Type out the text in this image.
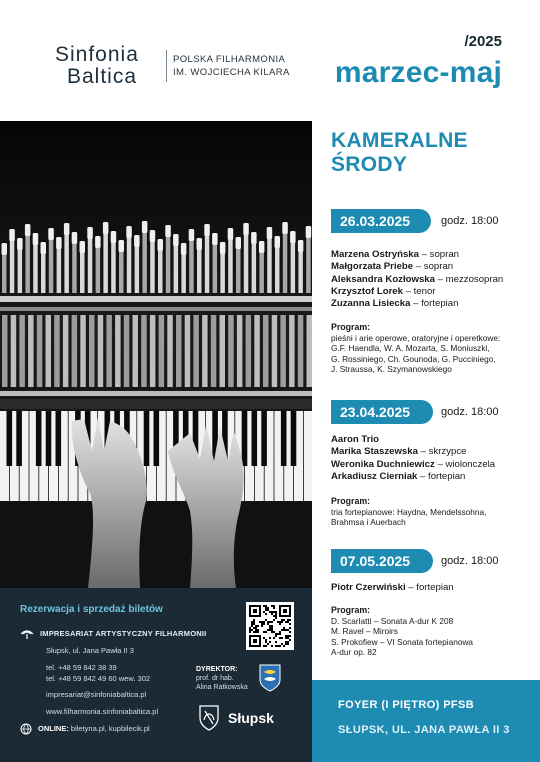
Sinfonia
Baltica
POLSKA FILHARMONIA
IM. WOJCIECHA KILARA
/2025
marzec-maj
Rezerwacja i sprzedaż biletów
IMPRESARIAT ARTYSTYCZNY FILHARMONII
Słupsk, ul. Jana Pawła II 3
tel. +48 59 842 38 39
tel. +48 59 842 49 60 wew. 302
impresariat@sinfoniabaltica.pl
www.filharmonia.sinfoniabaltica.pl
ONLINE: biletyna.pl, kupbilecik.pl
DYREKTOR:
prof. dr hab.
Alina Ratkowska
Słupsk
KAMERALNE
ŚRODY
26.03.2025	godz. 18:00
Marzena Ostryńska – sopran
Małgorzata Priebe – sopran
Aleksandra Kozłowska – mezzosopran
Krzysztof Lorek – tenor
Zuzanna Lisiecka – fortepian
Program:
pieśni i arie operowe, oratoryjne i operetkowe:
G.F. Haendla, W. A. Mozarta, S. Moniuszki,
G. Rossiniego, Ch. Gounoda, G. Pucciniego,
J. Straussa, K. Szymanowskiego
23.04.2025	godz. 18:00
Aaron Trio
Marika Staszewska – skrzypce
Weronika Duchniewicz – wiolonczela
Arkadiusz Cierniak – fortepian
Program:
tria fortepianowe: Haydna, Mendelssohna,
Brahmsa i Auerbach
07.05.2025	godz. 18:00
Piotr Czerwiński – fortepian
Program:
D. Scarlatti – Sonata A-dur K 208
M. Ravel – Miroirs
S. Prokofiew – VI Sonata fortepianowa
A-dur op. 82
FOYER (I PIĘTRO) PFSB
SŁUPSK, UL. JANA PAWŁA II 3
